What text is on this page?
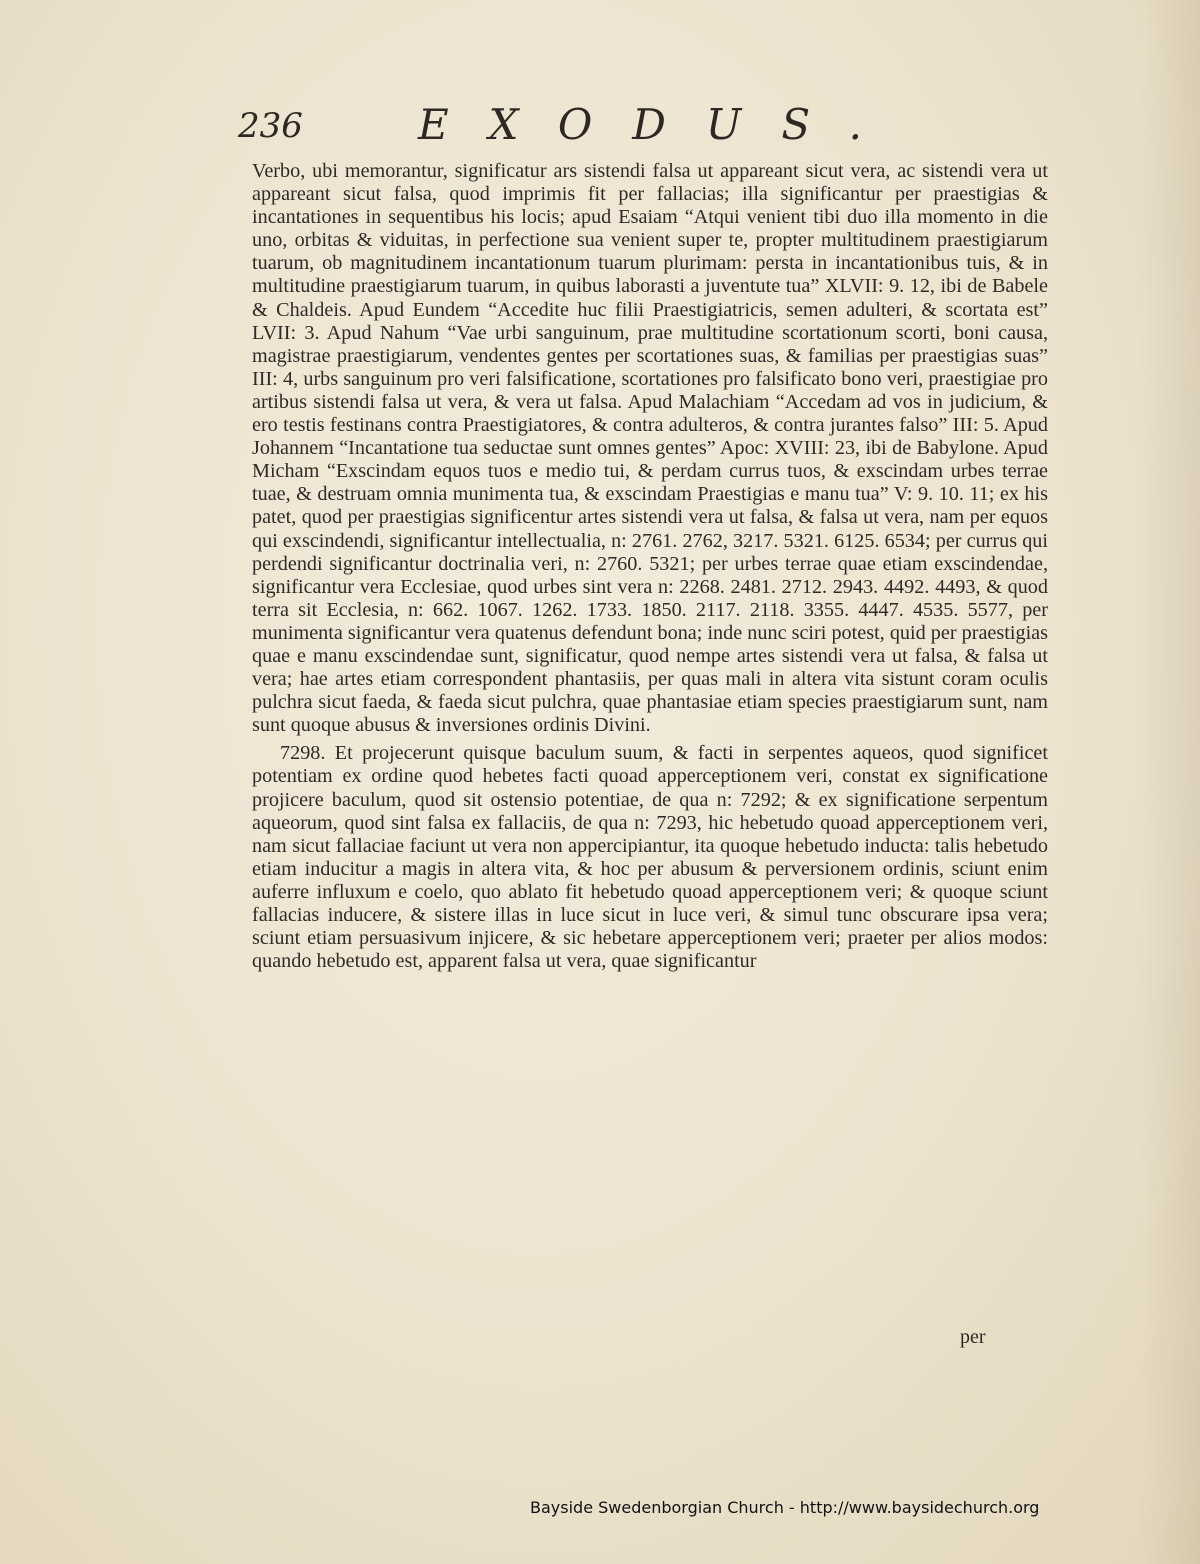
236	EXODUS.

Verbo, ubi memorantur, significatur ars sistendi falsa ut appareant sicut vera, ac sistendi vera ut appareant sicut falsa, quod imprimis fit per fallacias; illa significantur per praestigias & incantationes in sequentibus his locis; apud Esaiam “Atqui venient tibi duo illa momento in die uno, orbitas & viduitas, in perfectione sua venient super te, propter multitudinem praestigiarum tuarum, ob magnitudinem incantationum tuarum plurimam: persta in incantationibus tuis, & in multitudine praestigiarum tuarum, in quibus laborasti a juventute tua” XLVII: 9. 12, ibi de Babele & Chaldeis. Apud Eundem “Accedite huc filii Praestigiatricis, semen adulteri, & scortata est” LVII: 3. Apud Nahum “Vae urbi sanguinum, prae multitudine scortationum scorti, boni causa, magistrae praestigiarum, vendentes gentes per scortationes suas, & familias per praestigias suas” III: 4, urbs sanguinum pro veri falsificatione, scortationes pro falsificato bono veri, praestigiae pro artibus sistendi falsa ut vera, & vera ut falsa. Apud Malachiam “Accedam ad vos in judicium, & ero testis festinans contra Praestigiatores, & contra adulteros, & contra jurantes falso” III: 5. Apud Johannem “Incantatione tua seductae sunt omnes gentes” Apoc: XVIII: 23, ibi de Babylone. Apud Micham “Exscindam equos tuos e medio tui, & perdam currus tuos, & exscindam urbes terrae tuae, & destruam omnia munimenta tua, & exscindam Praestigias e manu tua” V: 9. 10. 11; ex his patet, quod per praestigias significentur artes sistendi vera ut falsa, & falsa ut vera, nam per equos qui exscindendi, significantur intellectualia, n: 2761. 2762, 3217. 5321. 6125. 6534; per currus qui perdendi significantur doctrinalia veri, n: 2760. 5321; per urbes terrae quae etiam exscindendae, significantur vera Ecclesiae, quod urbes sint vera n: 2268. 2481. 2712. 2943. 4492. 4493, & quod terra sit Ecclesia, n: 662. 1067. 1262. 1733. 1850. 2117. 2118. 3355. 4447. 4535. 5577, per munimenta significantur vera quatenus defendunt bona; inde nunc sciri potest, quid per praestigias quae e manu exscindendae sunt, significatur, quod nempe artes sistendi vera ut falsa, & falsa ut vera; hae artes etiam correspondent phantasiis, per quas mali in altera vita sistunt coram oculis pulchra sicut faeda, & faeda sicut pulchra, quae phantasiae etiam species praestigiarum sunt, nam sunt quoque abusus & inversiones ordinis Divini.

7298. Et projecerunt quisque baculum suum, & facti in serpentes aqueos, quod significet potentiam ex ordine quod hebetes facti quoad apperceptionem veri, constat ex significatione projicere baculum, quod sit ostensio potentiae, de qua n: 7292; & ex significatione serpentum aqueorum, quod sint falsa ex fallaciis, de qua n: 7293, hic hebetudo quoad apperceptionem veri, nam sicut fallaciae faciunt ut vera non appercipiantur, ita quoque hebetudo inducta: talis hebetudo etiam inducitur a magis in altera vita, & hoc per abusum & perversionem ordinis, sciunt enim auferre influxum e coelo, quo ablato fit hebetudo quoad apperceptionem veri; & quoque sciunt fallacias inducere, & sistere illas in luce sicut in luce veri, & simul tunc obscurare ipsa vera; sciunt etiam persuasivum injicere, & sic hebetare apperceptionem veri; praeter per alios modos: quando hebetudo est, apparent falsa ut vera, quae significantur

per
Bayside Swedenborgian Church - http://www.baysidechurch.org
